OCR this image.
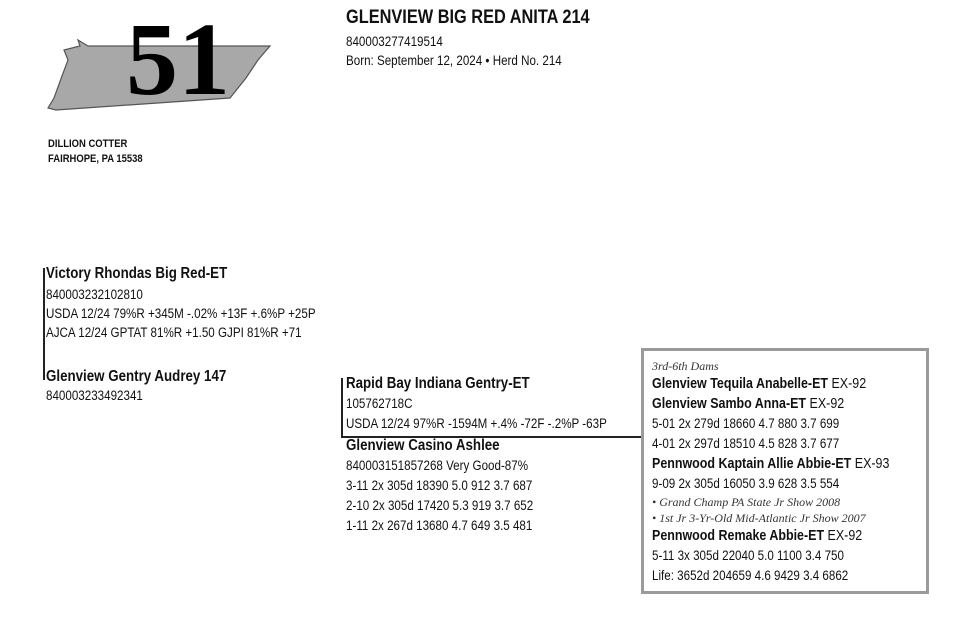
51	GLENVIEW BIG RED ANITA 214
840003277419514
Born: September 12, 2024 • Herd No. 214
DILLION COTTER
FAIRHOPE, PA 15538
Victory Rhondas Big Red-ET
840003232102810
USDA 12/24 79%R +345M -.02% +13F +.6%P +25P
AJCA 12/24 GPTAT 81%R +1.50 GJPI 81%R +71
Glenview Gentry Audrey 147
840003233492341
Rapid Bay Indiana Gentry-ET
105762718C
USDA 12/24 97%R -1594M +.4% -72F -.2%P -63P
Glenview Casino Ashlee
840003151857268 Very Good-87%
3-11 2x 305d 18390 5.0 912 3.7 687
2-10 2x 305d 17420 5.3 919 3.7 652
1-11 2x 267d 13680 4.7 649 3.5 481
3rd-6th Dams
Glenview Tequila Anabelle-ET EX-92
Glenview Sambo Anna-ET EX-92
5-01 2x 279d 18660 4.7 880 3.7 699
4-01 2x 297d 18510 4.5 828 3.7 677
Pennwood Kaptain Allie Abbie-ET EX-93
9-09 2x 305d 16050 3.9 628 3.5 554
• Grand Champ PA State Jr Show 2008
• 1st Jr 3-Yr-Old Mid-Atlantic Jr Show 2007
Pennwood Remake Abbie-ET EX-92
5-11 3x 305d 22040 5.0 1100 3.4 750
Life: 3652d 204659 4.6 9429 3.4 6862
